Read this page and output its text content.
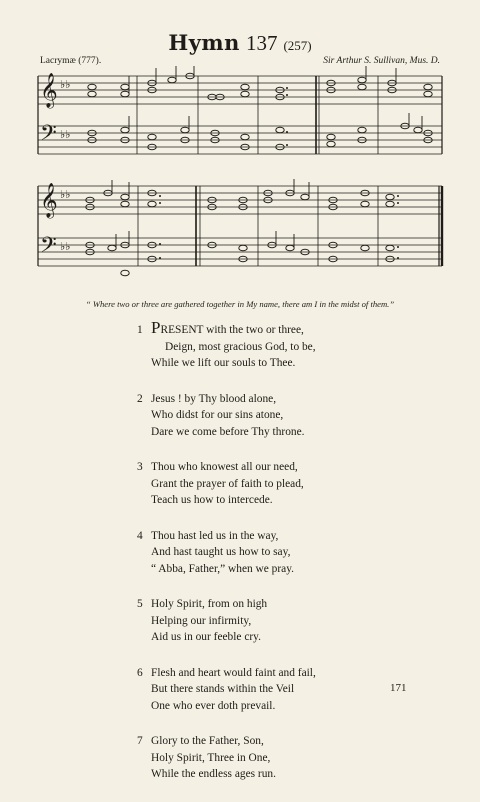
Hymn 137 (257)
Lacrymæ (777).	Sir Arthur S. Sullivan, Mus. D.
𝄞
𝄢
♭♭
♭♭
𝄞
𝄢
♭♭
♭♭
“ Where two or three are gathered together in My name, there am I in the midst of them.”
1 PRESENT with the two or three,
Deign, most gracious God, to be,
While we lift our souls to Thee.
2 Jesus ! by Thy blood alone,
Who didst for our sins atone,
Dare we come before Thy throne.
3 Thou who knowest all our need,
Grant the prayer of faith to plead,
Teach us how to intercede.
4 Thou hast led us in the way,
And hast taught us how to say,
“ Abba, Father,” when we pray.
5 Holy Spirit, from on high
Helping our infirmity,
Aid us in our feeble cry.
6 Flesh and heart would faint and fail,
But there stands within the Veil
One who ever doth prevail.
7 Glory to the Father, Son,
Holy Spirit, Three in One,
While the endless ages run.
171
